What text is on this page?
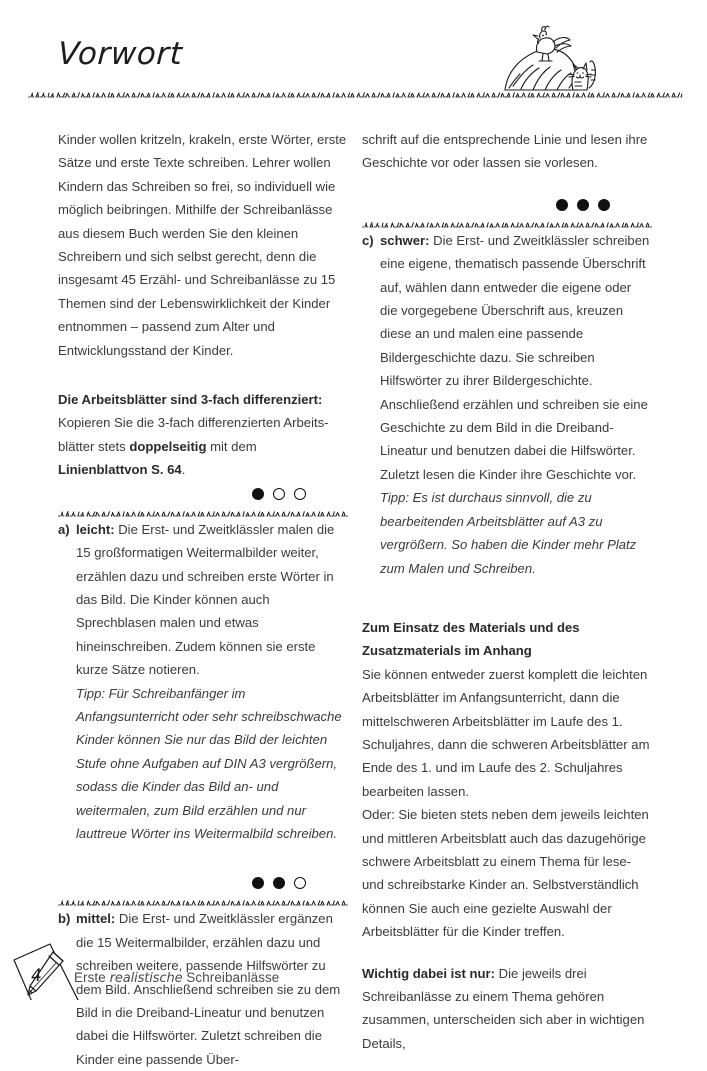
Vorwort

Kinder wollen kritzeln, krakeln, erste Wörter, erste Sätze und erste Texte schreiben. Lehrer wollen Kindern das Schreiben so frei, so individuell wie möglich beibringen. Mithilfe der Schreibanlässe aus diesem Buch werden Sie den kleinen Schreibern und sich selbst gerecht, denn die insgesamt 45 Erzähl- und Schreibanlässe zu 15 Themen sind der Lebenswirklichkeit der Kinder entnommen – passend zum Alter und Entwicklungsstand der Kinder.

Die Arbeitsblätter sind 3-fach differenziert:

Kopieren Sie die 3-fach differenzierten Arbeits-blätter stets doppelseitig mit dem Linienblattvon S. 64.

a) leicht: Die Erst- und Zweitklässler malen die 15 großformatigen Weitermalbilder weiter, erzählen dazu und schreiben erste Wörter in das Bild. Die Kinder können auch Sprechblasen malen und etwas hineinschreiben. Zudem können sie erste kurze Sätze notieren.

Tipp: Für Schreibanfänger im Anfangsunterricht oder sehr schreibschwache Kinder können Sie nur das Bild der leichten Stufe ohne Aufgaben auf DIN A3 vergrößern, sodass die Kinder das Bild an- und weitermalen, zum Bild erzählen und nur lauttreue Wörter ins Weitermalbild schreiben.

b) mittel: Die Erst- und Zweitklässler ergänzen die 15 Weitermalbilder, erzählen dazu und schreiben weitere, passende Hilfswörter zu dem Bild. Anschließend schreiben sie zu dem Bild in die Dreiband-Lineatur und benutzen dabei die Hilfswörter. Zuletzt schreiben die Kinder eine passende Über-

schrift auf die entsprechende Linie und lesen ihre Geschichte vor oder lassen sie vorlesen.

c) schwer: Die Erst- und Zweitklässler schreiben eine eigene, thematisch passende Überschrift auf, wählen dann entweder die eigene oder die vorgegebene Überschrift aus, kreuzen diese an und malen eine passende Bildergeschichte dazu. Sie schreiben Hilfswörter zu ihrer Bildergeschichte. Anschließend erzählen und schreiben sie eine Geschichte zu dem Bild in die Dreiband-Lineatur und benutzen dabei die Hilfswörter. Zuletzt lesen die Kinder ihre Geschichte vor.

Tipp: Es ist durchaus sinnvoll, die zu bearbeitenden Arbeitsblätter auf A3 zu vergrößern. So haben die Kinder mehr Platz zum Malen und Schreiben.

Zum Einsatz des Materials und des
Zusatzmaterials im Anhang

Sie können entweder zuerst komplett die leichten Arbeitsblätter im Anfangsunterricht, dann die mittelschweren Arbeitsblätter im Laufe des 1. Schuljahres, dann die schweren Arbeitsblätter am Ende des 1. und im Laufe des 2. Schuljahres bearbeiten lassen.

Oder: Sie bieten stets neben dem jeweils leichten und mittleren Arbeitsblatt auch das dazugehörige schwere Arbeitsblatt zu einem Thema für lese- und schreibstarke Kinder an. Selbstverständlich können Sie auch eine gezielte Auswahl der Arbeitsblätter für die Kinder treffen.

Wichtig dabei ist nur: Die jeweils drei Schreibanlässe zu einem Thema gehören zusammen, unterscheiden sich aber in wichtigen Details,

4 Erste realistische Schreibanlässe
